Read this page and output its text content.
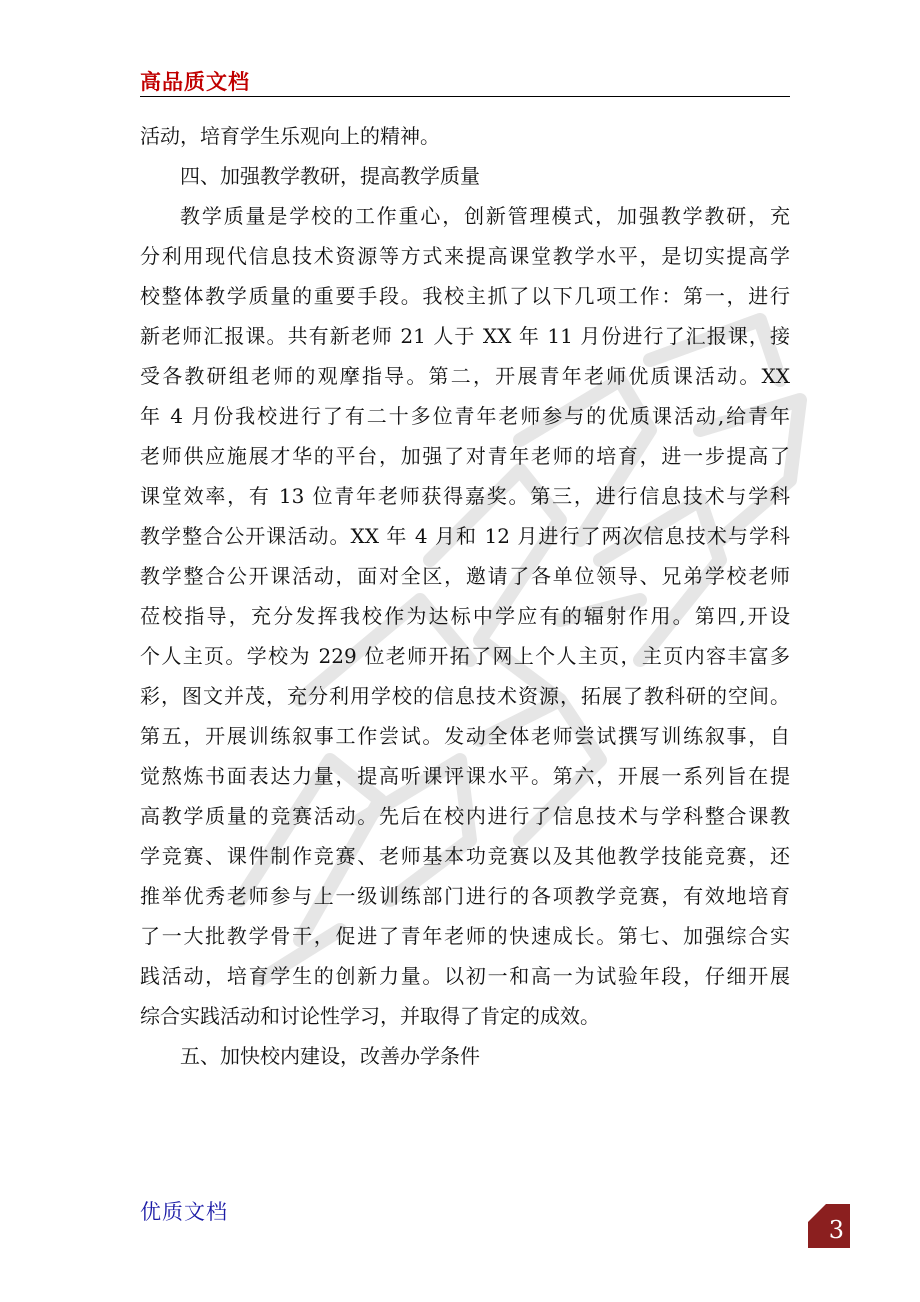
高品质文档
活动，培育学生乐观向上的精神。
四、加强教学教研，提高教学质量
教学质量是学校的工作重心，创新管理模式，加强教学教研，充
分利用现代信息技术资源等方式来提高课堂教学水平，是切实提高学
校整体教学质量的重要手段。我校主抓了以下几项工作：第一，进行
新老师汇报课。共有新老师 21 人于 XX 年 11 月份进行了汇报课，接
受各教研组老师的观摩指导。第二，开展青年老师优质课活动。XX
年 4 月份我校进行了有二十多位青年老师参与的优质课活动,给青年
老师供应施展才华的平台，加强了对青年老师的培育，进一步提高了
课堂效率，有 13 位青年老师获得嘉奖。第三，进行信息技术与学科
教学整合公开课活动。XX 年 4 月和 12 月进行了两次信息技术与学科
教学整合公开课活动，面对全区，邀请了各单位领导、兄弟学校老师
莅校指导，充分发挥我校作为达标中学应有的辐射作用。第四,开设
个人主页。学校为 229 位老师开拓了网上个人主页，主页内容丰富多
彩，图文并茂，充分利用学校的信息技术资源，拓展了教科研的空间。
第五，开展训练叙事工作尝试。发动全体老师尝试撰写训练叙事，自
觉熬炼书面表达力量，提高听课评课水平。第六，开展一系列旨在提
高教学质量的竞赛活动。先后在校内进行了信息技术与学科整合课教
学竞赛、课件制作竞赛、老师基本功竞赛以及其他教学技能竞赛，还
推举优秀老师参与上一级训练部门进行的各项教学竞赛，有效地培育
了一大批教学骨干，促进了青年老师的快速成长。第七、加强综合实
践活动，培育学生的创新力量。以初一和高一为试验年段，仔细开展
综合实践活动和讨论性学习，并取得了肯定的成效。
五、加快校内建设，改善办学条件
优质文档
3
